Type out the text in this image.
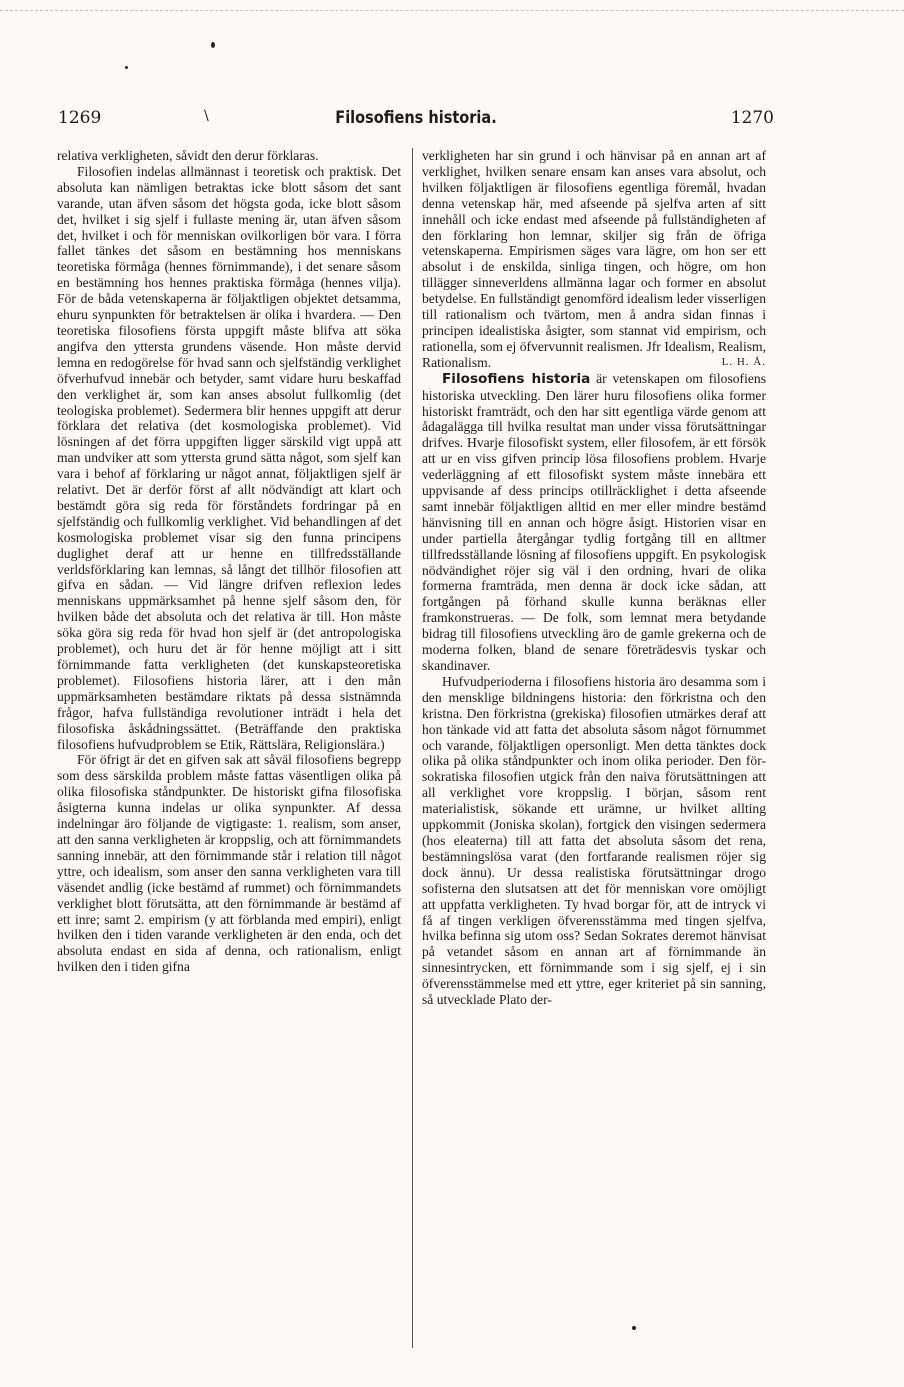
1269	\	Filosofiens historia.	1270

relativa verkligheten, såvidt den derur förklaras.

Filosofien indelas allmännast i teoretisk och praktisk. Det absoluta kan nämligen betraktas icke blott såsom det sant varande, utan äfven såsom det högsta goda, icke blott såsom det, hvilket i sig sjelf i fullaste mening är, utan äfven såsom det, hvilket i och för menniskan ovilkorligen bör vara. I förra fallet tänkes det såsom en bestämning hos menniskans teoretiska förmåga (hennes förnimmande), i det senare såsom en bestämning hos hennes praktiska förmåga (hennes vilja). För de båda vetenskaperna är följaktligen objektet detsamma, ehuru synpunkten för betraktelsen är olika i hvardera. — Den teoretiska filosofiens första uppgift måste blifva att söka angifva den yttersta grundens väsende. Hon måste dervid lemna en redogörelse för hvad sann och sjelfständig verklighet öfverhufvud innebär och betyder, samt vidare huru beskaffad den verklighet är, som kan anses absolut fullkomlig (det teologiska problemet). Sedermera blir hennes uppgift att derur förklara det relativa (det kosmologiska problemet). Vid lösningen af det förra uppgiften ligger särskild vigt uppå att man undviker att som yttersta grund sätta något, som sjelf kan vara i behof af förklaring ur något annat, följaktligen sjelf är relativt. Det är derför först af allt nödvändigt att klart och bestämdt göra sig reda för förståndets fordringar på en sjelfständig och fullkomlig verklighet. Vid behandlingen af det kosmologiska problemet visar sig den funna principens duglighet deraf att ur henne en tillfredsställande verldsförklaring kan lemnas, så långt det tillhör filosofien att gifva en sådan. — Vid längre drifven reflexion ledes menniskans uppmärksamhet på henne sjelf såsom den, för hvilken både det absoluta och det relativa är till. Hon måste söka göra sig reda för hvad hon sjelf är (det antropologiska problemet), och huru det är för henne möjligt att i sitt förnimmande fatta verkligheten (det kunskapsteoretiska problemet). Filosofiens historia lärer, att i den mån uppmärksamheten bestämdare riktats på dessa sistnämnda frågor, hafva fullständiga revolutioner inträdt i hela det filosofiska åskådningssättet. (Beträffande den praktiska filosofiens hufvudproblem se Etik, Rättslära, Religionslära.)

För öfrigt är det en gifven sak att såväl filosofiens begrepp som dess särskilda problem måste fattas väsentligen olika på olika filosofiska ståndpunkter. De historiskt gifna filosofiska åsigterna kunna indelas ur olika synpunkter. Af dessa indelningar äro följande de vigtigaste: 1. realism, som anser, att den sanna verkligheten är kroppslig, och att förnimmandets sanning innebär, att den förnimmande står i relation till något yttre, och idealism, som anser den sanna verkligheten vara till väsendet andlig (icke bestämd af rummet) och förnimmandets verklighet blott förutsätta, att den förnimmande är bestämd af ett inre; samt 2. empirism (y att förblanda med empiri), enligt hvilken den i tiden varande verkligheten är den enda, och det absoluta endast en sida af denna, och rationalism, enligt hvilken den i tiden gifna

verkligheten har sin grund i och hänvisar på en annan art af verklighet, hvilken senare ensam kan anses vara absolut, och hvilken följaktligen är filosofiens egentliga föremål, hvadan denna vetenskap här, med afseende på sjelfva arten af sitt innehåll och icke endast med afseende på fullständigheten af den förklaring hon lemnar, skiljer sig från de öfriga vetenskaperna. Empirismen säges vara lägre, om hon ser ett absolut i de enskilda, sinliga tingen, och högre, om hon tillägger sinneverldens allmänna lagar och former en absolut betydelse. En fullständigt genomförd idealism leder visserligen till rationalism och tvärtom, men å andra sidan finnas i principen idealistiska åsigter, som stannat vid empirism, och rationella, som ej öfvervunnit realismen. Jfr Idealism, Realism, Rationalism.	L. H. Å.

Filosofiens historia är vetenskapen om filosofiens historiska utveckling. Den lärer huru filosofiens olika former historiskt framträdt, och den har sitt egentliga värde genom att ådagalägga till hvilka resultat man under vissa förutsättningar drifves. Hvarje filosofiskt system, eller filosofem, är ett försök att ur en viss gifven princip lösa filosofiens problem. Hvarje vederläggning af ett filosofiskt system måste innebära ett uppvisande af dess princips otillräcklighet i detta afseende samt innebär följaktligen alltid en mer eller mindre bestämd hänvisning till en annan och högre åsigt. Historien visar en under partiella återgångar tydlig fortgång till en alltmer tillfredsställande lösning af filosofiens uppgift. En psykologisk nödvändighet röjer sig väl i den ordning, hvari de olika formerna framträda, men denna är dock icke sådan, att fortgången på förhand skulle kunna beräknas eller framkonstrueras. — De folk, som lemnat mera betydande bidrag till filosofiens utveckling äro de gamle grekerna och de moderna folken, bland de senare företrädesvis tyskar och skandinaver.

Hufvudperioderna i filosofiens historia äro desamma som i den mensklige bildningens historia: den förkristna och den kristna. Den förkristna (grekiska) filosofien utmärkes deraf att hon tänkade vid att fatta det absoluta såsom något förnummet och varande, följaktligen opersonligt. Men detta tänktes dock olika på olika ståndpunkter och inom olika perioder. Den för-sokratiska filosofien utgick från den naiva förutsättningen att all verklighet vore kroppslig. I början, såsom rent materialistisk, sökande ett urämne, ur hvilket allting uppkommit (Joniska skolan), fortgick den visingen sedermera (hos eleaterna) till att fatta det absoluta såsom det rena, bestämningslösa varat (den fortfarande realismen röjer sig dock ännu). Ur dessa realistiska förutsättningar drogo sofisterna den slutsatsen att det för menniskan vore omöjligt att uppfatta verkligheten. Ty hvad borgar för, att de intryck vi få af tingen verkligen öfverensstämma med tingen sjelfva, hvilka befinna sig utom oss? Sedan Sokrates deremot hänvisat på vetandet såsom en annan art af förnimmande än sinnesintrycken, ett förnimmande som i sig sjelf, ej i sin öfverensstämmelse med ett yttre, eger kriteriet på sin sanning, så utvecklade Plato der-
